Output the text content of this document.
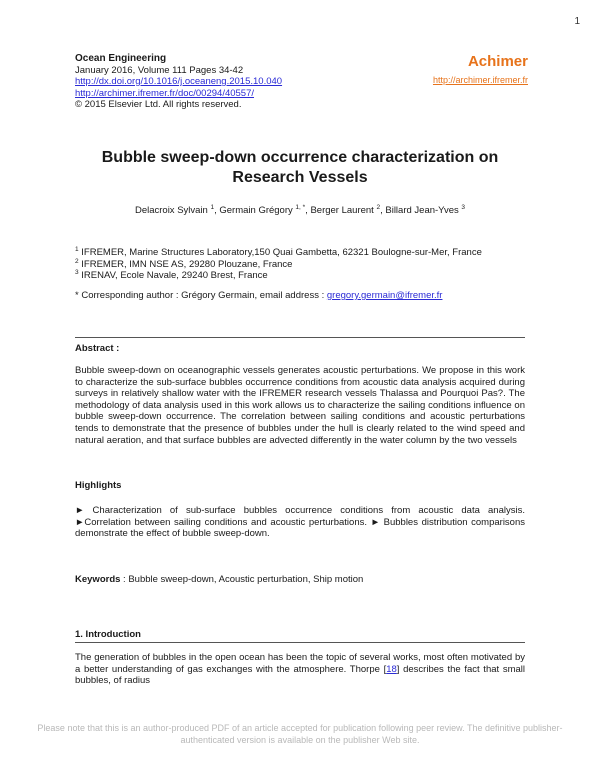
1
Ocean Engineering
January 2016, Volume 111 Pages 34-42
http://dx.doi.org/10.1016/j.oceaneng.2015.10.040
http://archimer.ifremer.fr/doc/00294/40557/
© 2015 Elsevier Ltd. All rights reserved.
Achimer
http://archimer.ifremer.fr
Bubble sweep-down occurrence characterization on
Research Vessels
Delacroix Sylvain $^1$, Germain Grégory $^{1, *}$, Berger Laurent $^2$, Billard Jean-Yves $^3$
$^1$ IFREMER, Marine Structures Laboratory,150 Quai Gambetta, 62321 Boulogne-sur-Mer, France
$^2$ IFREMER, IMN NSE AS, 29280 Plouzane, France
$^3$ IRENAV, Ecole Navale, 29240 Brest, France
* Corresponding author : Grégory Germain, email address : gregory.germain@ifremer.fr
Abstract :
Bubble sweep-down on oceanographic vessels generates acoustic perturbations. We propose in this work to characterize the sub-surface bubbles occurrence conditions from acoustic data analysis acquired during surveys in relatively shallow water with the IFREMER research vessels Thalassa and Pourquoi Pas?. The methodology of data analysis used in this work allows us to characterize the sailing conditions influence on bubble sweep-down occurrence. The correlation between sailing conditions and acoustic perturbations tends to demonstrate that the presence of bubbles under the hull is clearly related to the wind speed and natural aeration, and that surface bubbles are advected differently in the water column by the two vessels
Highlights
► Characterization of sub-surface bubbles occurrence conditions from acoustic data analysis. ►Correlation between sailing conditions and acoustic perturbations. ► Bubbles distribution comparisons demonstrate the effect of bubble sweep-down.
Keywords : Bubble sweep-down, Acoustic perturbation, Ship motion
1. Introduction
The generation of bubbles in the open ocean has been the topic of several works, most often motivated by a better understanding of gas exchanges with the atmosphere. Thorpe [18] describes the fact that small bubbles, of radius
Please note that this is an author-produced PDF of an article accepted for publication following peer review. The definitive publisher-authenticated version is available on the publisher Web site.
